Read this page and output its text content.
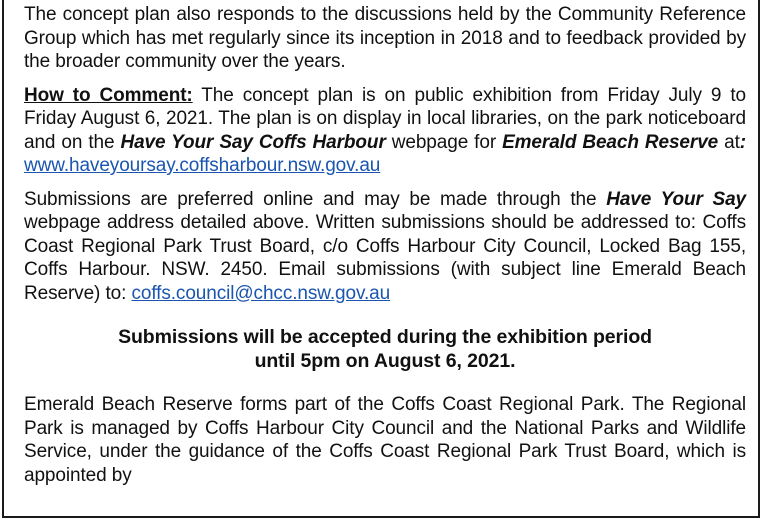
The concept plan also responds to the discussions held by the Community Reference Group which has met regularly since its inception in 2018 and to feedback provided by the broader community over the years.

How to Comment: The concept plan is on public exhibition from Friday July 9 to Friday August 6, 2021. The plan is on display in local libraries, on the park noticeboard and on the Have Your Say Coffs Harbour webpage for Emerald Beach Reserve at: www.haveyoursay.coffsharbour.nsw.gov.au

Submissions are preferred online and may be made through the Have Your Say webpage address detailed above. Written submissions should be addressed to: Coffs Coast Regional Park Trust Board, c/o Coffs Harbour City Council, Locked Bag 155, Coffs Harbour. NSW. 2450. Email submissions (with subject line Emerald Beach Reserve) to: coffs.council@chcc.nsw.gov.au

Submissions will be accepted during the exhibition period
until 5pm on August 6, 2021.

Emerald Beach Reserve forms part of the Coffs Coast Regional Park. The Regional Park is managed by Coffs Harbour City Council and the National Parks and Wildlife Service, under the guidance of the Coffs Coast Regional Park Trust Board, which is appointed by
